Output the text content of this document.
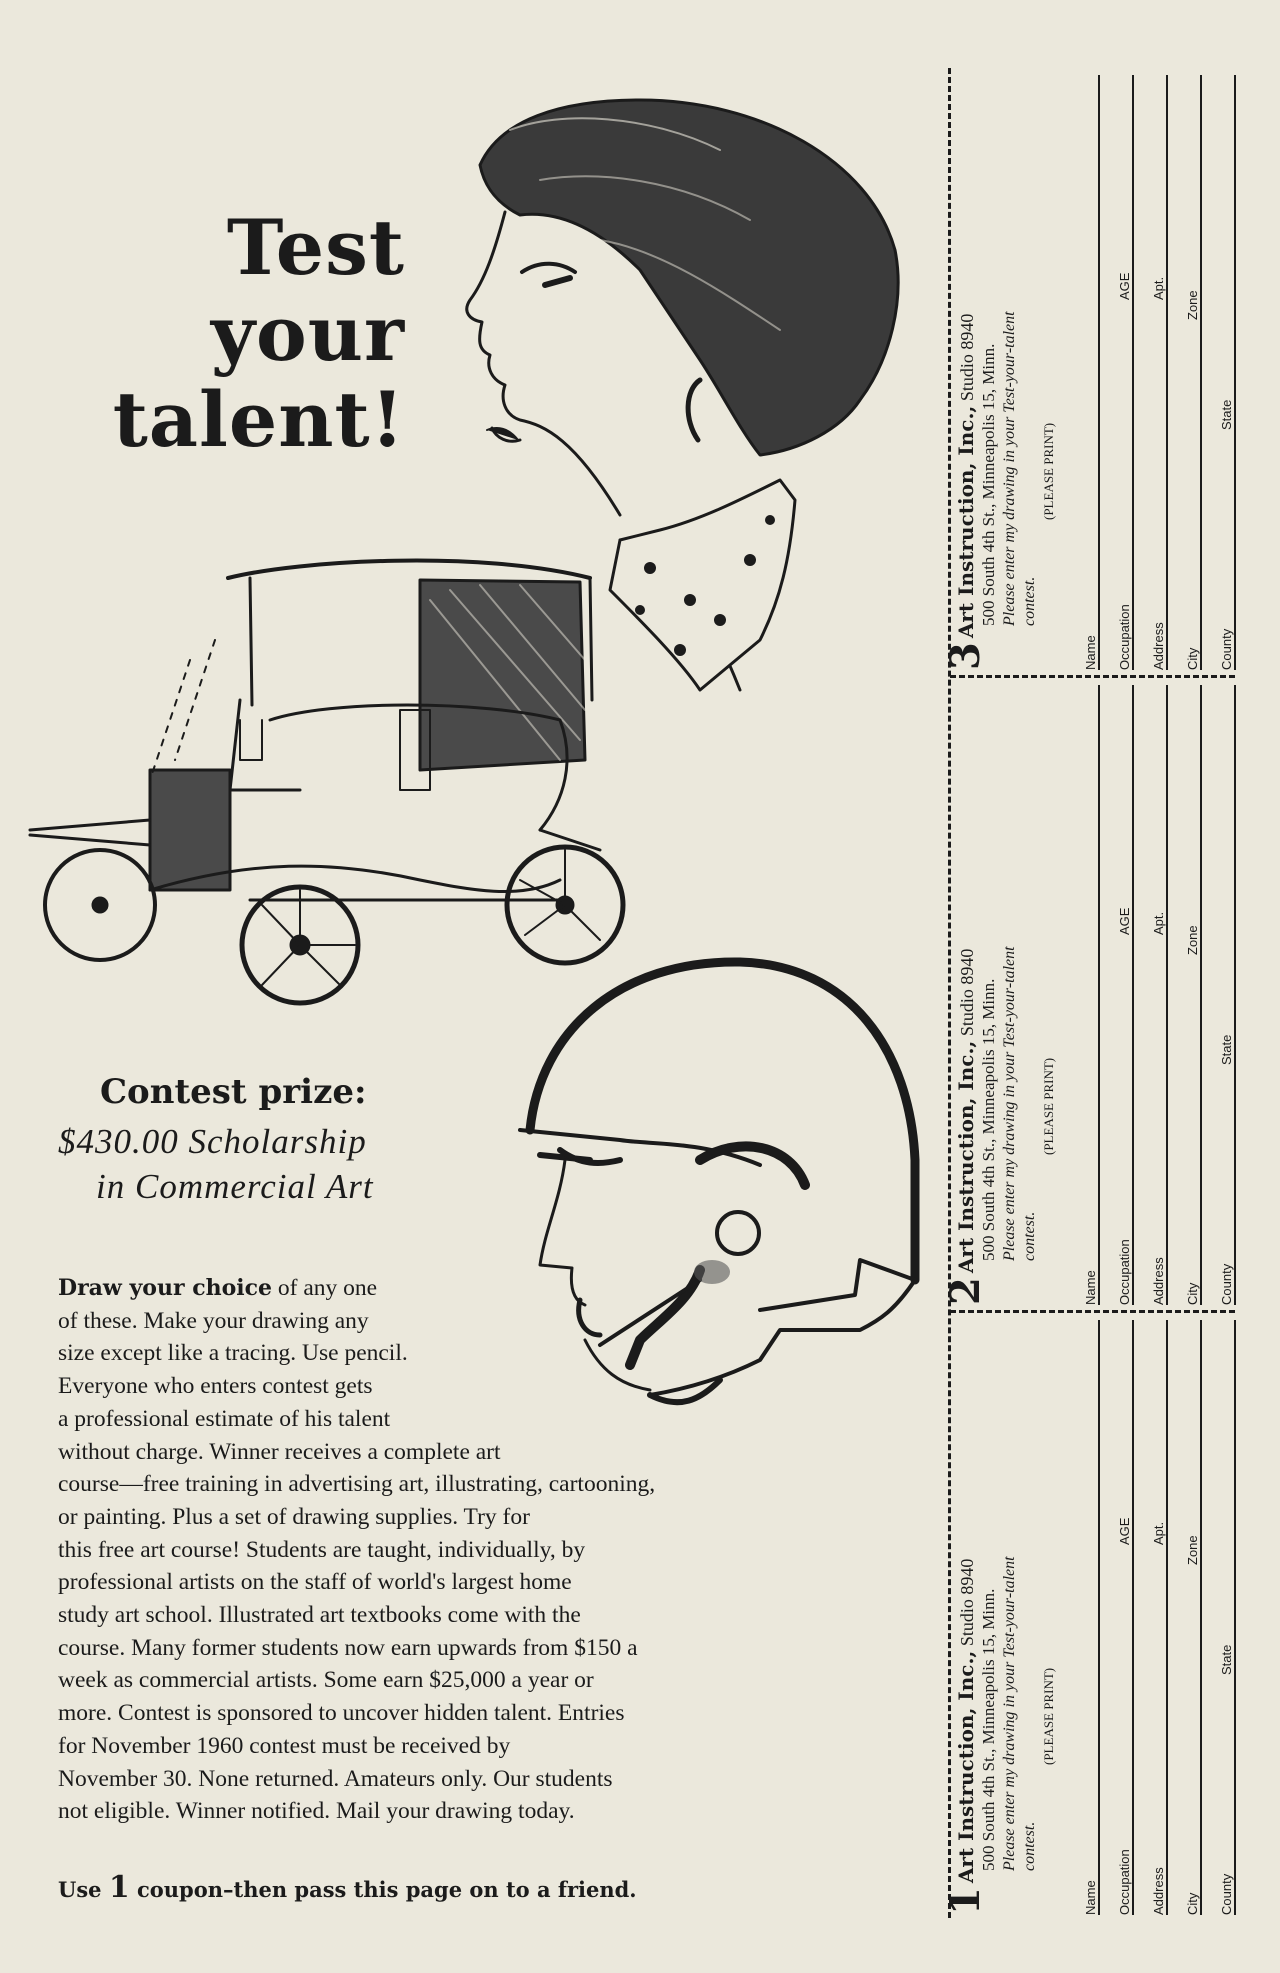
Test
your
talent!
Contest prize:
$430.00 Scholarship
in Commercial Art
Draw your choice of any one
of these. Make your drawing any
size except like a tracing. Use pencil.
Everyone who enters contest gets
a professional estimate of his talent
without charge. Winner receives a complete art
course—free training in advertising art, illustrating, cartooning,
or painting. Plus a set of drawing supplies. Try for
this free art course! Students are taught, individually, by
professional artists on the staff of world's largest home
study art school. Illustrated art textbooks come with the
course. Many former students now earn upwards from $150 a
week as commercial artists. Some earn $25,000 a year or
more. Contest is sponsored to uncover hidden talent. Entries
for November 1960 contest must be received by
November 30. None returned. Amateurs only. Our students
not eligible. Winner notified. Mail your drawing today.
Use 1 coupon–then pass this page on to a friend.
3Art Instruction, Inc., Studio 8940 500 South 4th St., Minneapolis 15, Minn. Please enter my drawing in your Test-your-talent contest.
(PLEASE PRINT)
Name Occupation
AGE
Address
Apt.
City
Zone
County
State
2Art Instruction, Inc., Studio 8940 500 South 4th St., Minneapolis 15, Minn. Please enter my drawing in your Test-your-talent contest.
(PLEASE PRINT)
Name Occupation
AGE
Address
Apt.
City
Zone
County
State
1Art Instruction, Inc., Studio 8940 500 South 4th St., Minneapolis 15, Minn. Please enter my drawing in your Test-your-talent contest.
(PLEASE PRINT)
Name Occupation
AGE
Address
Apt.
City
Zone
County
State
